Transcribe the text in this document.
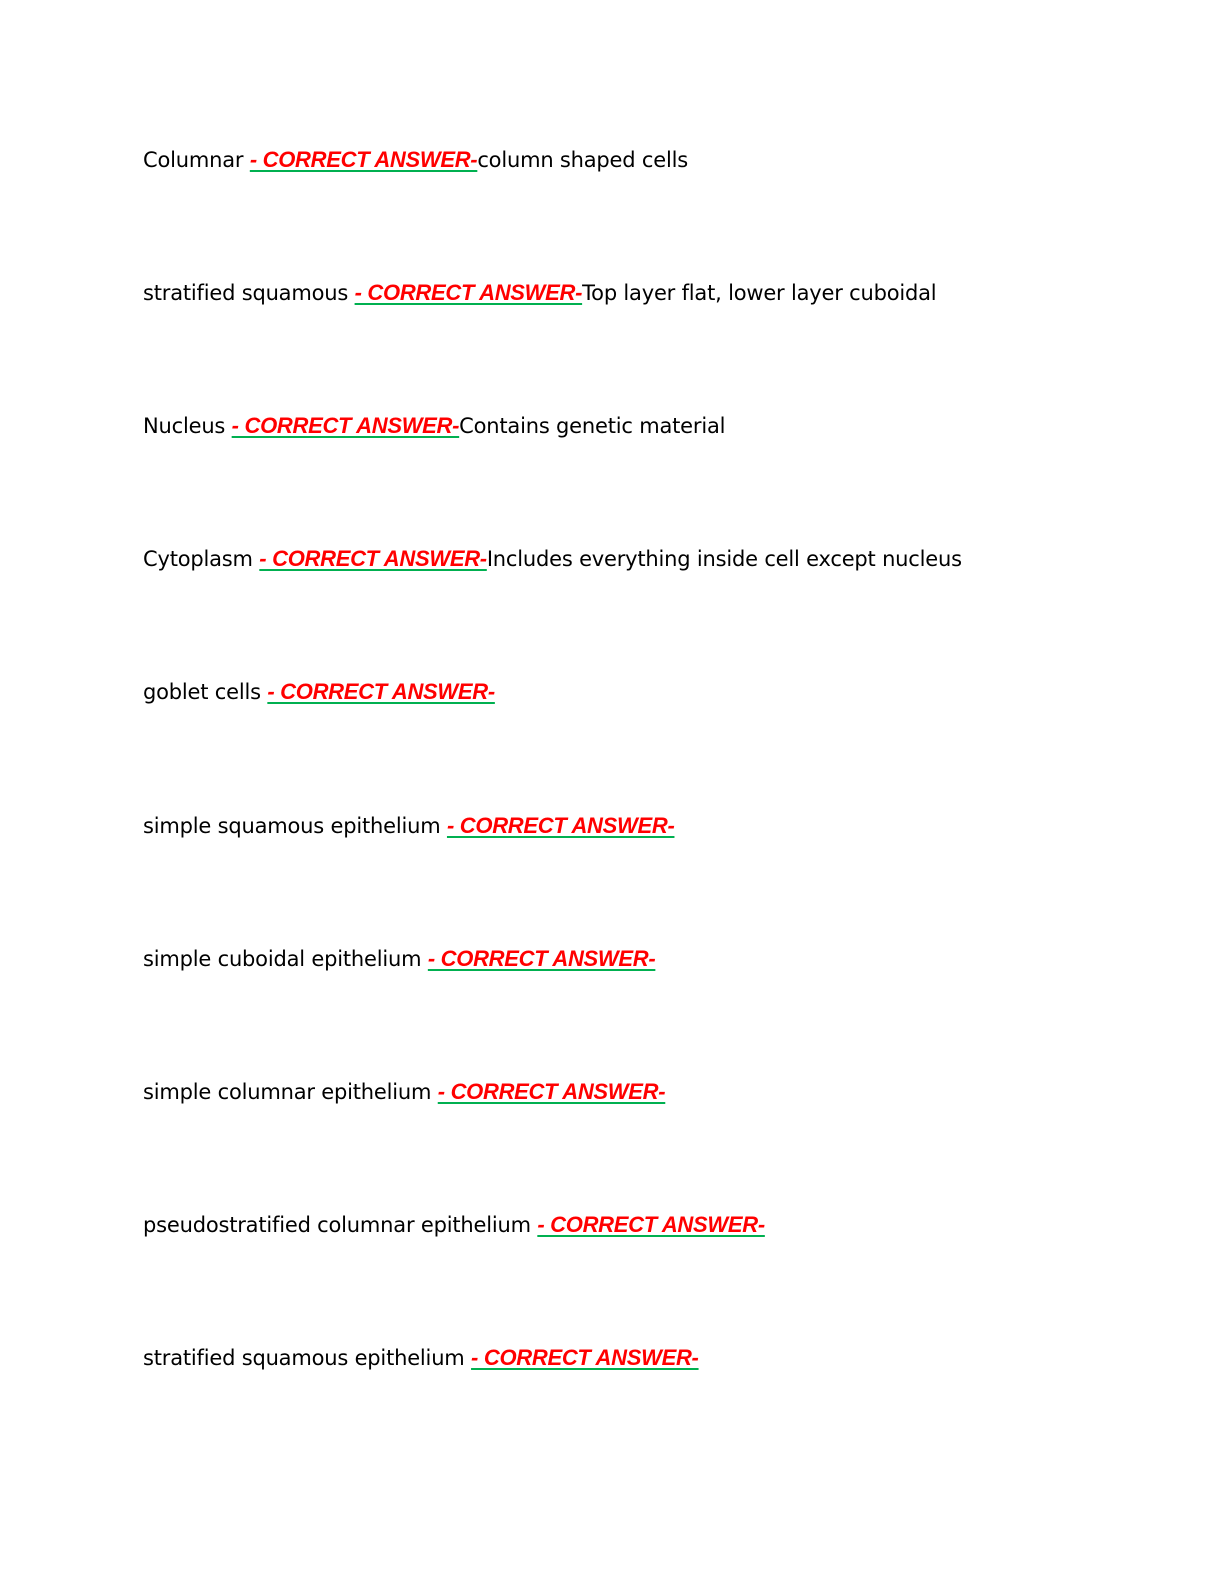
Columnar - CORRECT ANSWER-column shaped cells
stratified squamous - CORRECT ANSWER-Top layer flat, lower layer cuboidal
Nucleus - CORRECT ANSWER-Contains genetic material
Cytoplasm - CORRECT ANSWER-Includes everything inside cell except nucleus
goblet cells - CORRECT ANSWER-
simple squamous epithelium - CORRECT ANSWER-
simple cuboidal epithelium - CORRECT ANSWER-
simple columnar epithelium - CORRECT ANSWER-
pseudostratified columnar epithelium - CORRECT ANSWER-
stratified squamous epithelium - CORRECT ANSWER-
